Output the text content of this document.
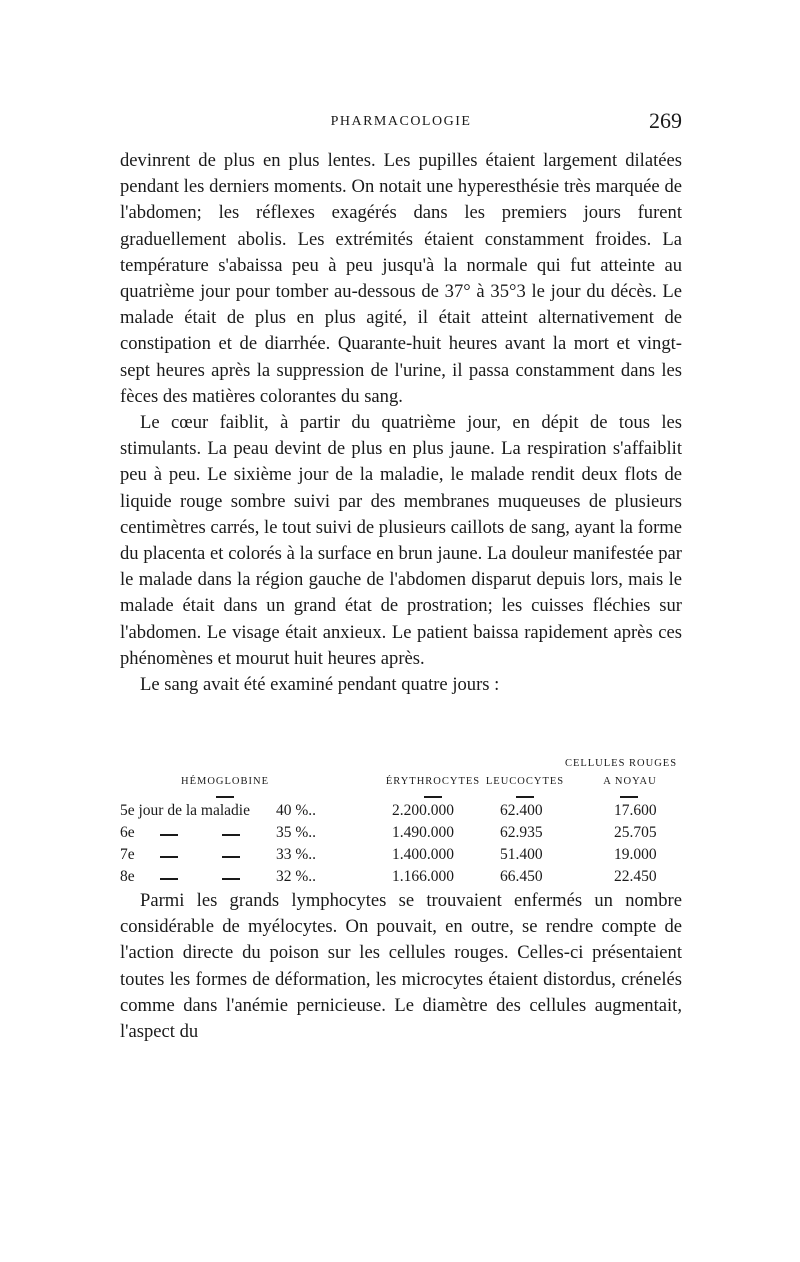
PHARMACOLOGIE	269

devinrent de plus en plus lentes. Les pupilles étaient largement dilatées pendant les derniers moments. On notait une hyperesthésie très marquée de l'abdomen; les réflexes exagérés dans les premiers jours furent graduellement abolis. Les extrémités étaient constamment froides. La température s'abaissa peu à peu jusqu'à la normale qui fut atteinte au quatrième jour pour tomber au-dessous de 37° à 35°3 le jour du décès. Le malade était de plus en plus agité, il était atteint alternativement de constipation et de diarrhée. Quarante-huit heures avant la mort et vingt-sept heures après la suppression de l'urine, il passa constamment dans les fèces des matières colorantes du sang.

Le cœur faiblit, à partir du quatrième jour, en dépit de tous les stimulants. La peau devint de plus en plus jaune. La respiration s'affaiblit peu à peu. Le sixième jour de la maladie, le malade rendit deux flots de liquide rouge sombre suivi par des membranes muqueuses de plusieurs centimètres carrés, le tout suivi de plusieurs caillots de sang, ayant la forme du placenta et colorés à la surface en brun jaune. La douleur manifestée par le malade dans la région gauche de l'abdomen disparut depuis lors, mais le malade était dans un grand état de prostration; les cuisses fléchies sur l'abdomen. Le visage était anxieux. Le patient baissa rapidement après ces phénomènes et mourut huit heures après.

Le sang avait été examiné pendant quatre jours :

CELLULES ROUGES
HÉMOGLOBINE	ÉRYTHROCYTES LEUCOCYTES	A NOYAU
5e jour de la maladie 40 %..	2.200.000	62.400	17.600
6e	35 %..	1.490.000	62.935	25.705
7e	33 %..	1.400.000	51.400	19.000
8e	32 %..	1.166.000	66.450	22.450

Parmi les grands lymphocytes se trouvaient enfermés un nombre considérable de myélocytes. On pouvait, en outre, se rendre compte de l'action directe du poison sur les cellules rouges. Celles-ci présentaient toutes les formes de déformation, les microcytes étaient distordus, crénelés comme dans l'anémie pernicieuse. Le diamètre des cellules augmentait, l'aspect du
